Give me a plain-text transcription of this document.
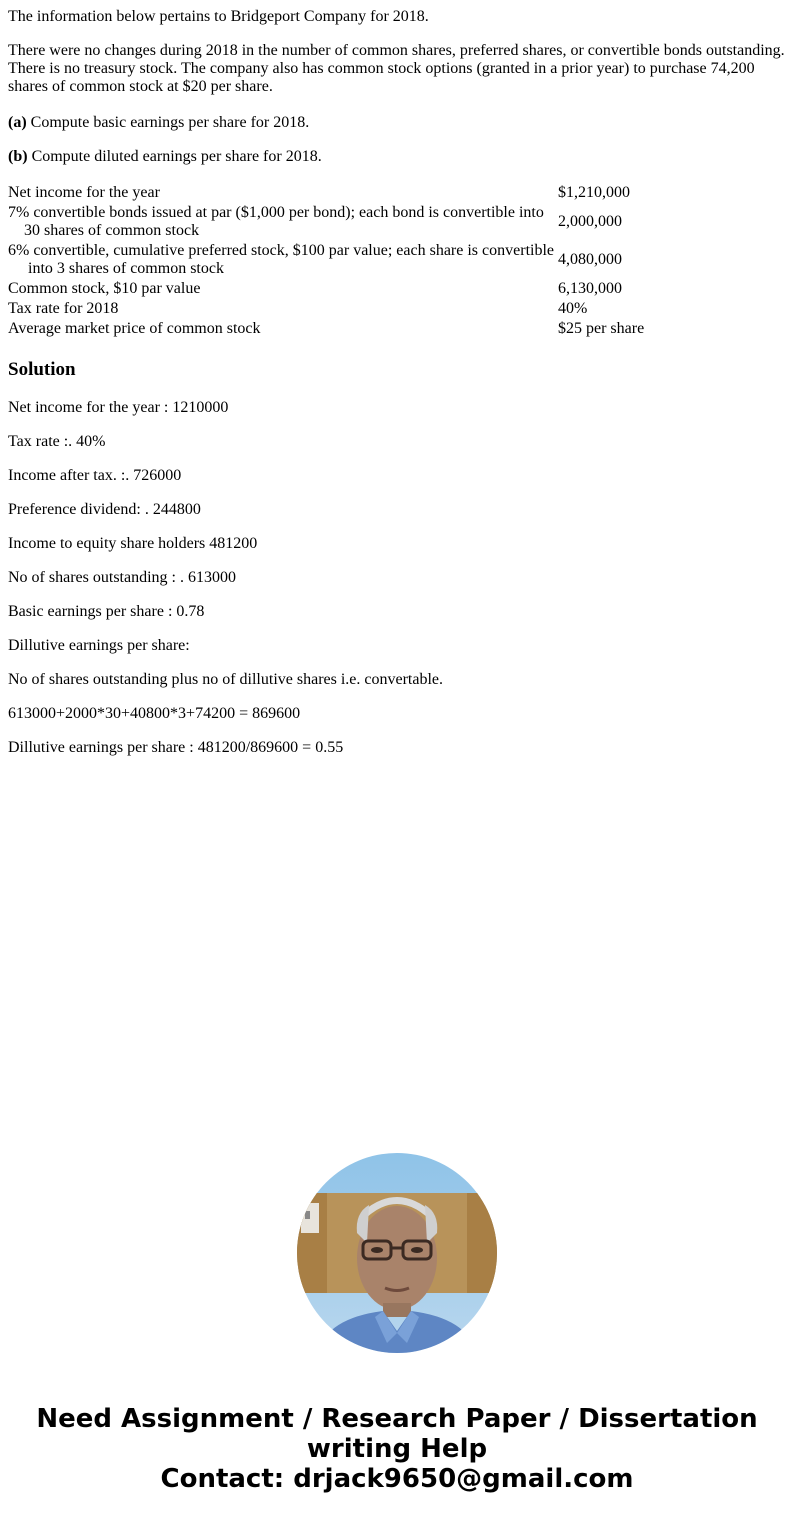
The information below pertains to Bridgeport Company for 2018.

There were no changes during 2018 in the number of common shares, preferred shares, or convertible bonds outstanding. There is no treasury stock. The company also has common stock options (granted in a prior year) to purchase 74,200 shares of common stock at $20 per share.

(a) Compute basic earnings per share for 2018.

(b) Compute diluted earnings per share for 2018.

Net income for the year	$1,210,000

7% convertible bonds issued at par ($1,000 per bond); each bond is convertible into
30 shares of common stock	2,000,000

6% convertible, cumulative preferred stock, $100 par value; each share is convertible
into 3 shares of common stock	4,080,000
Common stock, $10 par value	6,130,000
Tax rate for 2018	40%
Average market price of common stock	$25 per share
Solution

Net income for the year : 1210000

Tax rate :. 40%

Income after tax. :. 726000

Preference dividend: . 244800

Income to equity share holders 481200

No of shares outstanding : . 613000

Basic earnings per share : 0.78

Dillutive earnings per share:

No of shares outstanding plus no of dillutive shares i.e. convertable.

613000+2000*30+40800*3+74200 = 869600

Dillutive earnings per share : 481200/869600 = 0.55

Need Assignment / Research Paper / Dissertation
writing Help
Contact: drjack9650@gmail.com
